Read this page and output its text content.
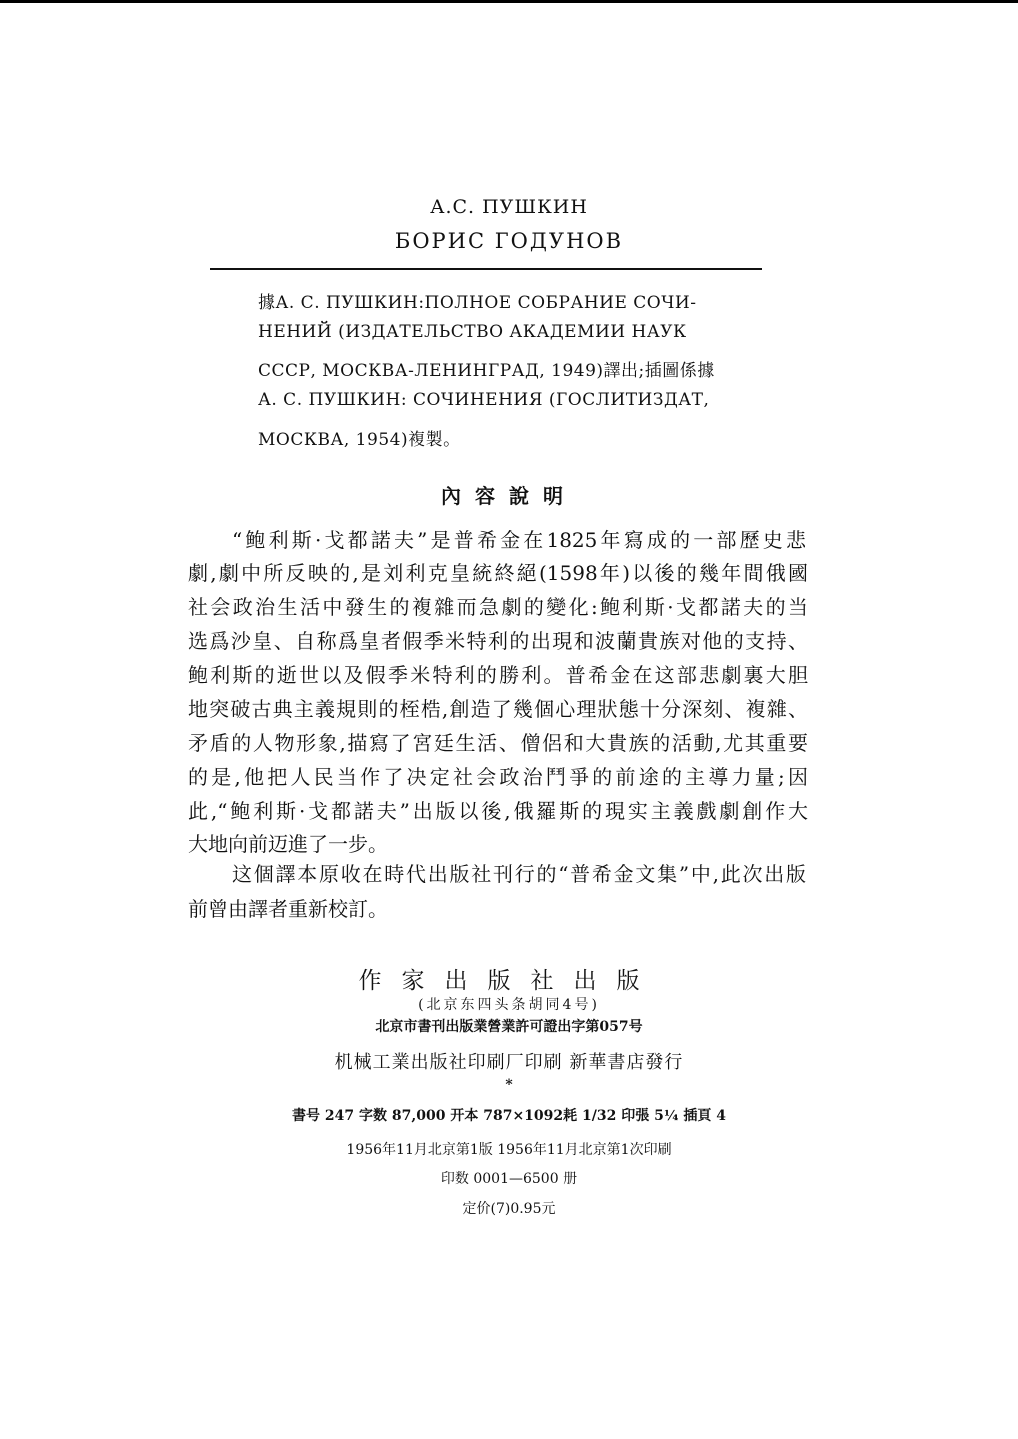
А.С. ПУШКИН
БОРИС ГОДУНОВ
據А. С. ПУШКИН:ПОЛНОЕ СОБРАНИЕ СОЧИ-
НЕНИЙ (ИЗДАТЕЛЬСТВО АКАДЕМИИ НАУК
СССР, МОСКВА-ЛЕНИНГРАД, 1949)譯出;插圖係據
А. С. ПУШКИН: СОЧИНЕНИЯ (ГОСЛИТИЗДАТ,
МОСКВА, 1954)複製。
內容說明
“鲍利斯·戈都諾夫”是普希金在1825年寫成的一部歷史悲
劇,劇中所反映的,是刘利克皇統終絕(1598年)以後的幾年間俄國
社会政治生活中發生的複雜而急劇的變化:鲍利斯·戈都諾夫的当
选爲沙皇、自称爲皇者假季米特利的出現和波蘭貴族对他的支持、
鲍利斯的逝世以及假季米特利的勝利。普希金在这部悲劇裏大胆
地突破古典主義規則的桎梏,創造了幾個心理狀態十分深刻、複雜、
矛盾的人物形象,描寫了宮廷生活、僧侶和大貴族的活動,尤其重要
的是,他把人民当作了决定社会政治鬥爭的前途的主導力量;因
此,“鲍利斯·戈都諾夫”出版以後,俄羅斯的現实主義戲劇創作大
大地向前迈進了一步。
这個譯本原收在時代出版社刊行的“普希金文集”中,此次出版
前曾由譯者重新校訂。
作家出版社出版
(北京东四头条胡同4号)
北京市書刊出版業營業許可證出字第057号
机械工業出版社印刷厂印刷 新華書店發行
*
書号 247 字数 87,000 开本 787×1092耗 1/32 印張 5¼ 插頁 4
1956年11月北京第1版 1956年11月北京第1次印刷
印数 0001—6500 册
定价(7)0.95元
